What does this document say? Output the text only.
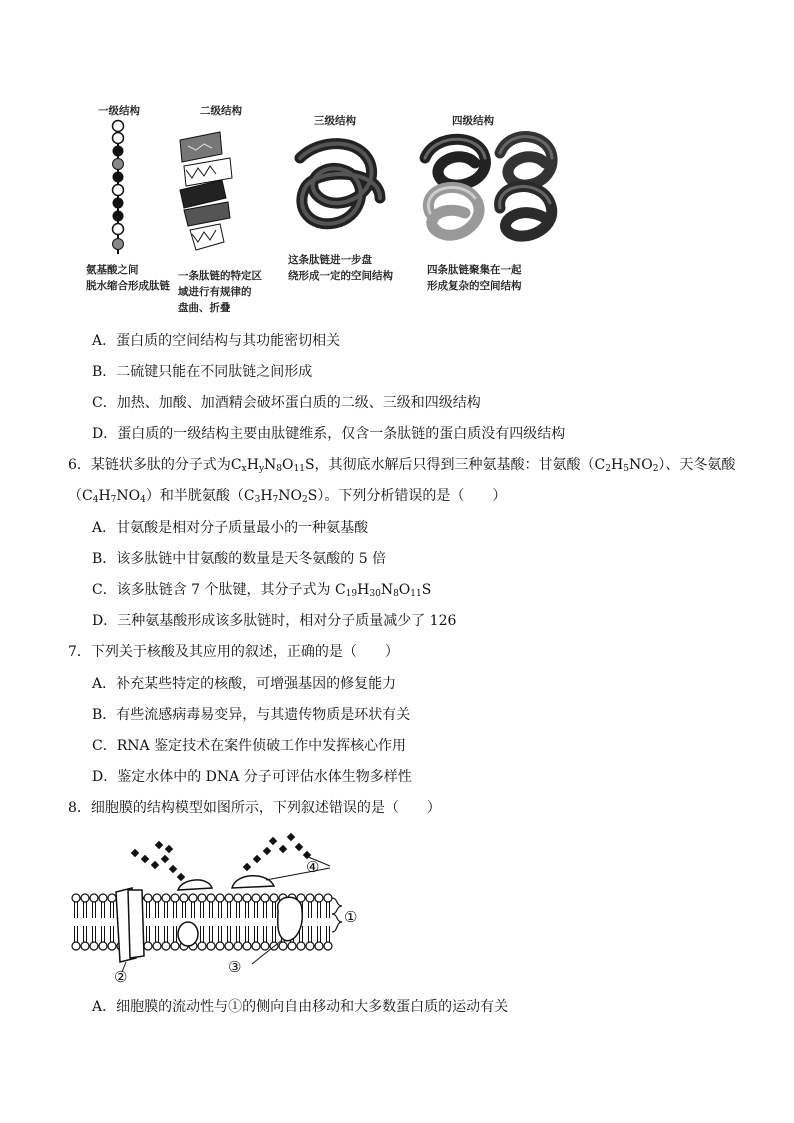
一级结构	二级结构
三级结构	四级结构
氨基酸之间
脱水缩合形成肽链
一条肽链的特定区
域进行有规律的
盘曲、折叠
这条肽链进一步盘
绕形成一定的空间结构	四条肽链聚集在一起
形成复杂的空间结构
A．蛋白质的空间结构与其功能密切相关
B．二硫键只能在不同肽链之间形成
C．加热、加酸、加酒精会破坏蛋白质的二级、三级和四级结构
D．蛋白质的一级结构主要由肽键维系，仅含一条肽链的蛋白质没有四级结构
6．某链状多肽的分子式为$C_xH_yN_8O_{11}S$，其彻底水解后只得到三种氨基酸：甘氨酸$(C_2H_5NO_2)$、天冬氨酸
$(C_4H_7NO_4)$和半胱氨酸$(C_3H_7NO_2S)$。下列分析错误的是（　　）
A．甘氨酸是相对分子质量最小的一种氨基酸
B．该多肽链中甘氨酸的数量是天冬氨酸的 5 倍
C．该多肽链含 7 个肽键，其分子式为 $C_{19}H_{30}N_8O_{11}S$
D．三种氨基酸形成该多肽链时，相对分子质量减少了 126
7．下列关于核酸及其应用的叙述，正确的是（　　）
A．补充某些特定的核酸，可增强基因的修复能力
B．有些流感病毒易变异，与其遗传物质是环状有关
C．RNA 鉴定技术在案件侦破工作中发挥核心作用
D．鉴定水体中的 DNA 分子可评估水体生物多样性
8．细胞膜的结构模型如图所示，下列叙述错误的是（　　）
④
①
②
③
A．细胞膜的流动性与①的侧向自由移动和大多数蛋白质的运动有关
